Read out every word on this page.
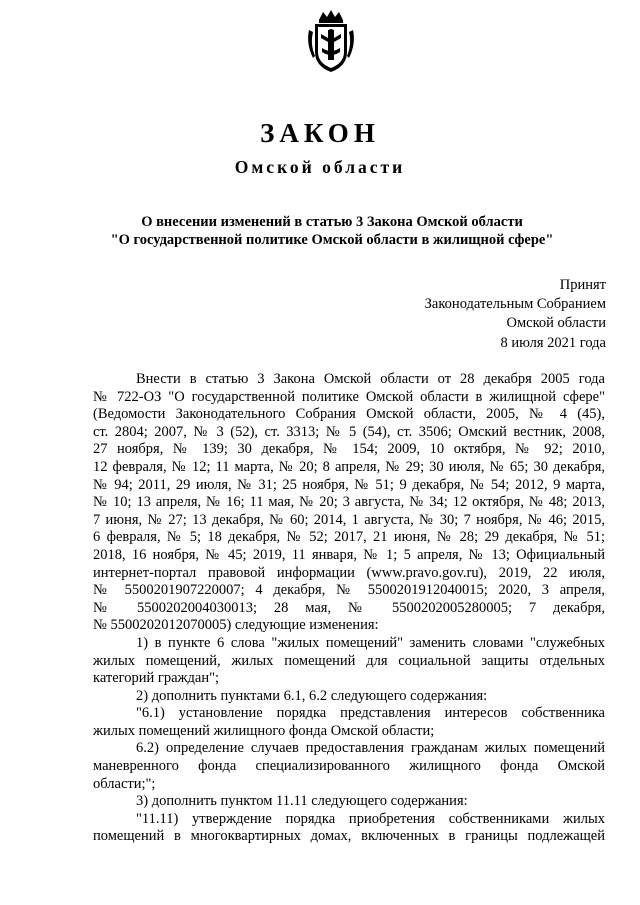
ЗАКОН
Омской области
О внесении изменений в статью 3 Закона Омской области
"О государственной политике Омской области в жилищной сфере"
Принят
Законодательным Собранием
Омской области
8 июля 2021 года
Внести в статью 3 Закона Омской области от 28 декабря 2005 года
№ 722-ОЗ "О государственной политике Омской области в жилищной сфере"
(Ведомости Законодательного Собрания Омской области, 2005, № 4 (45),
ст. 2804; 2007, № 3 (52), ст. 3313; № 5 (54), ст. 3506; Омский вестник, 2008,
27 ноября, № 139; 30 декабря, № 154; 2009, 10 октября, № 92; 2010,
12 февраля, № 12; 11 марта, № 20; 8 апреля, № 29; 30 июля, № 65; 30 декабря,
№ 94; 2011, 29 июля, № 31; 25 ноября, № 51; 9 декабря, № 54; 2012, 9 марта,
№ 10; 13 апреля, № 16; 11 мая, № 20; 3 августа, № 34; 12 октября, № 48; 2013,
7 июня, № 27; 13 декабря, № 60; 2014, 1 августа, № 30; 7 ноября, № 46; 2015,
6 февраля, № 5; 18 декабря, № 52; 2017, 21 июня, № 28; 29 декабря, № 51;
2018, 16 ноября, № 45; 2019, 11 января, № 1; 5 апреля, № 13; Официальный
интернет-портал правовой информации (www.pravo.gov.ru), 2019, 22 июля,
№ 5500201907220007; 4 декабря, № 5500201912040015; 2020, 3 апреля,
№ 5500202004030013; 28 мая, № 5500202005280005; 7 декабря,
№ 5500202012070005) следующие изменения:
1) в пункте 6 слова "жилых помещений" заменить словами "служебных
жилых помещений, жилых помещений для социальной защиты отдельных
категорий граждан";
2) дополнить пунктами 6.1, 6.2 следующего содержания:
"6.1) установление порядка представления интересов собственника
жилых помещений жилищного фонда Омской области;
6.2) определение случаев предоставления гражданам жилых помещений
маневренного фонда специализированного жилищного фонда Омской
области;";
3) дополнить пунктом 11.11 следующего содержания:
"11.11) утверждение порядка приобретения собственниками жилых
помещений в многоквартирных домах, включенных в границы подлежащей
